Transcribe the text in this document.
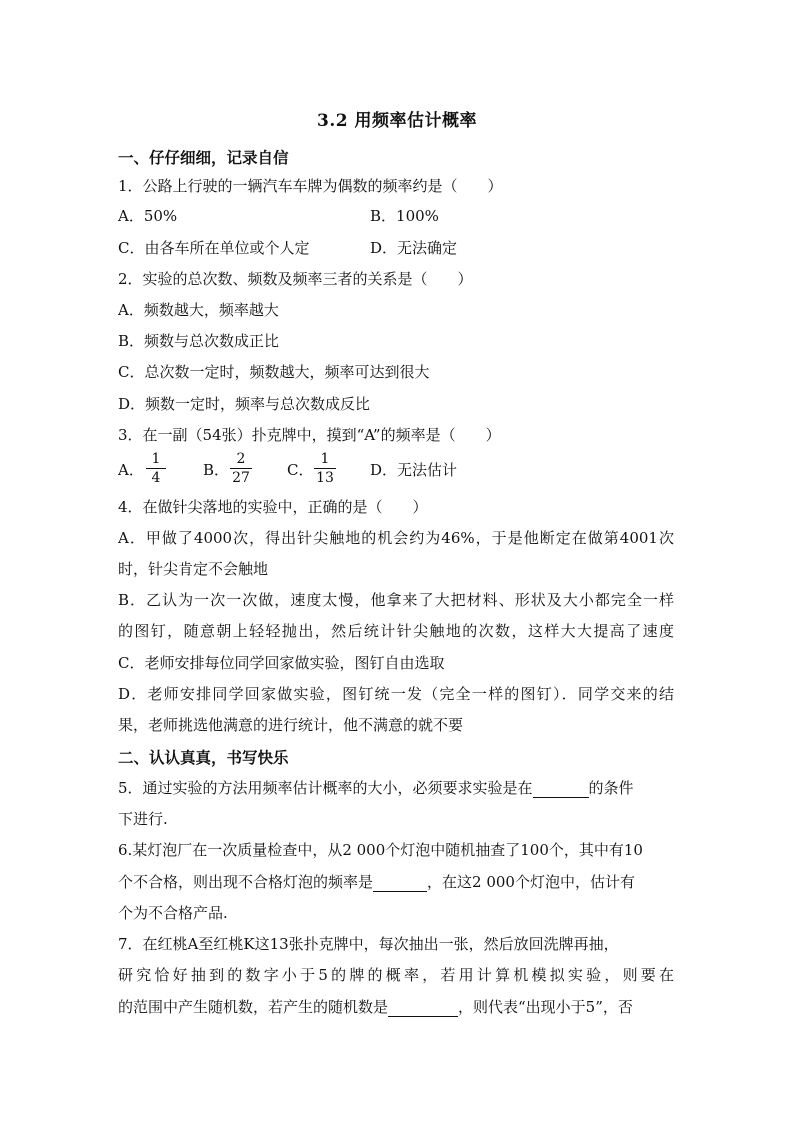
3.2 用频率估计概率
一、仔仔细细，记录自信
1．公路上行驶的一辆汽车车牌为偶数的频率约是（　　）
A．50%	B．100%
C．由各车所在单位或个人定	D．无法确定
2．实验的总次数、频数及频率三者的关系是（　　）
A．频数越大，频率越大
B．频数与总次数成正比
C．总次数一定时，频数越大，频率可达到很大
D．频数一定时，频率与总次数成反比
3．在一副（54张）扑克牌中，摸到“A”的频率是（　　）
A． $\frac{1}{4}$ B． $\frac{2}{27}$ C． $\frac{1}{13}$ D．无法估计
4．在做针尖落地的实验中，正确的是（　　）
A．甲做了4000次，得出针尖触地的机会约为46%，于是他断定在做第4001次
时，针尖肯定不会触地
B．乙认为一次一次做，速度太慢，他拿来了大把材料、形状及大小都完全一样
的图钉，随意朝上轻轻抛出，然后统计针尖触地的次数，这样大大提高了速度
C．老师安排每位同学回家做实验，图钉自由选取
D．老师安排同学回家做实验，图钉统一发（完全一样的图钉）．同学交来的结
果，老师挑选他满意的进行统计，他不满意的就不要
二、认认真真，书写快乐
5．通过实验的方法用频率估计概率的大小，必须要求实验是在	的条件
下进行.
6.某灯泡厂在一次质量检查中，从2 000个灯泡中随机抽查了100个，其中有10
个不合格，则出现不合格灯泡的频率是	，在这2 000个灯泡中，估计有
个为不合格产品.
7．在红桃A至红桃K这13张扑克牌中，每次抽出一张，然后放回洗牌再抽，
研究恰好抽到的数字小于5的牌的概率，若用计算机模拟实验，则要在
的范围中产生随机数，若产生的随机数是	，则代表“出现小于5”，否
